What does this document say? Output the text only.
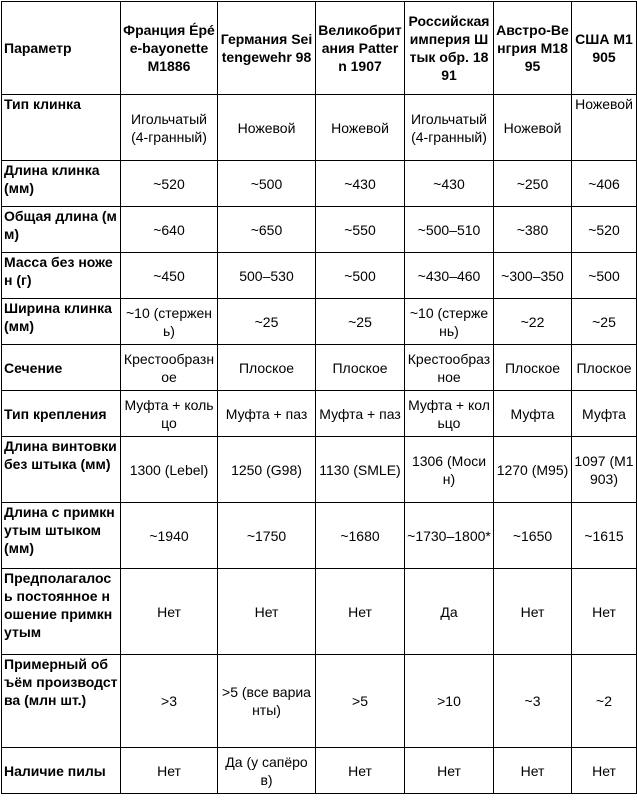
Параметр	Франция Épée-bayonette M1886	Германия Seitengewehr 98	Великобритания Pattern 1907	Российская империя Штык обр. 1891	Австро-Венгрия M1895	США M1905
Тип клинка	Игольчатый (4-гранный)	Ножевой	Ножевой	Игольчатый (4-гранный)	Ножевой	Ножевой
Длина клинка (мм)	~520	~500	~430	~430	~250	~406
Общая длина (мм)	~640	~650	~550	~500–510	~380	~520
Масса без ножен (г)	~450	500–530	~500	~430–460	~300–350	~500
Ширина клинка (мм)	~10 (стержень)	~25	~25	~10 (стержень)	~22	~25
Сечение	Крестообразное	Плоское	Плоское	Крестообразное	Плоское	Плоское
Тип крепления	Муфта + кольцо	Муфта + паз	Муфта + паз	Муфта + кольцо	Муфта	Муфта
Длина винтовки без штыка (мм)	1300 (Lebel)	1250 (G98)	1130 (SMLE)	1306 (Мосин)	1270 (M95)	1097 (M1903)
Длина с примкнутым штыком (мм)	~1940	~1750	~1680	~1730–1800*	~1650	~1615
Предполагалось постоянное ношение примкнутым	Нет	Нет	Нет	Да	Нет	Нет
Примерный объём производства (млн шт.)	>3	>5 (все варианты)	>5	>10	~3	~2
Наличие пилы	Нет	Да (у сапёров)	Нет	Нет	Нет	Нет
